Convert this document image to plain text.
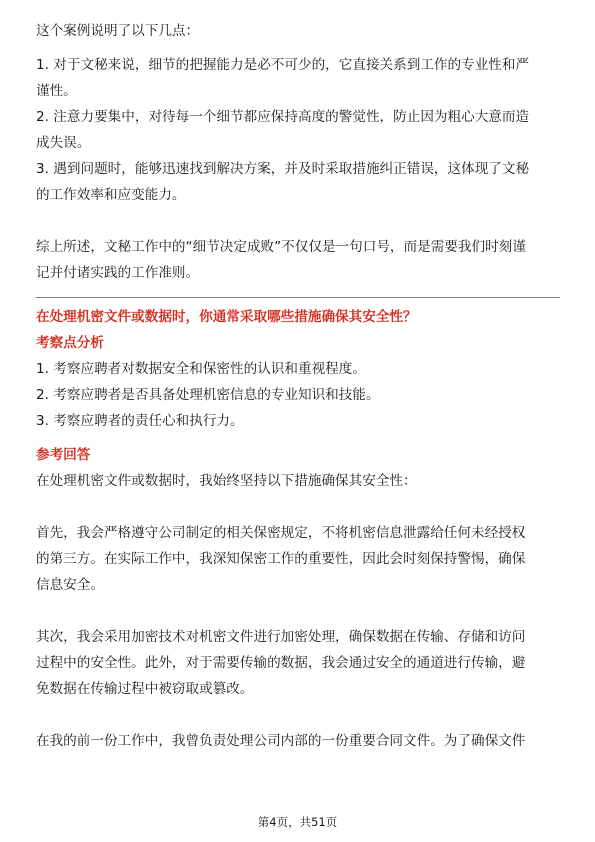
这个案例说明了以下几点：

1. 对于文秘来说，细节的把握能力是必不可少的，它直接关系到工作的专业性和严

谨性。

2. 注意力要集中，对待每一个细节都应保持高度的警觉性，防止因为粗心大意而造

成失误。

3. 遇到问题时，能够迅速找到解决方案，并及时采取措施纠正错误，这体现了文秘

的工作效率和应变能力。

综上所述，文秘工作中的“细节决定成败”不仅仅是一句口号，而是需要我们时刻谨

记并付诸实践的工作准则。

在处理机密文件或数据时，你通常采取哪些措施确保其安全性？

考察点分析

1. 考察应聘者对数据安全和保密性的认识和重视程度。

2. 考察应聘者是否具备处理机密信息的专业知识和技能。

3. 考察应聘者的责任心和执行力。

参考回答

在处理机密文件或数据时，我始终坚持以下措施确保其安全性：

首先，我会严格遵守公司制定的相关保密规定，不将机密信息泄露给任何未经授权

的第三方。在实际工作中，我深知保密工作的重要性，因此会时刻保持警惕，确保

信息安全。

其次，我会采用加密技术对机密文件进行加密处理，确保数据在传输、存储和访问

过程中的安全性。此外，对于需要传输的数据，我会通过安全的通道进行传输，避

免数据在传输过程中被窃取或篡改。

在我的前一份工作中，我曾负责处理公司内部的一份重要合同文件。为了确保文件

第4页，共51页
